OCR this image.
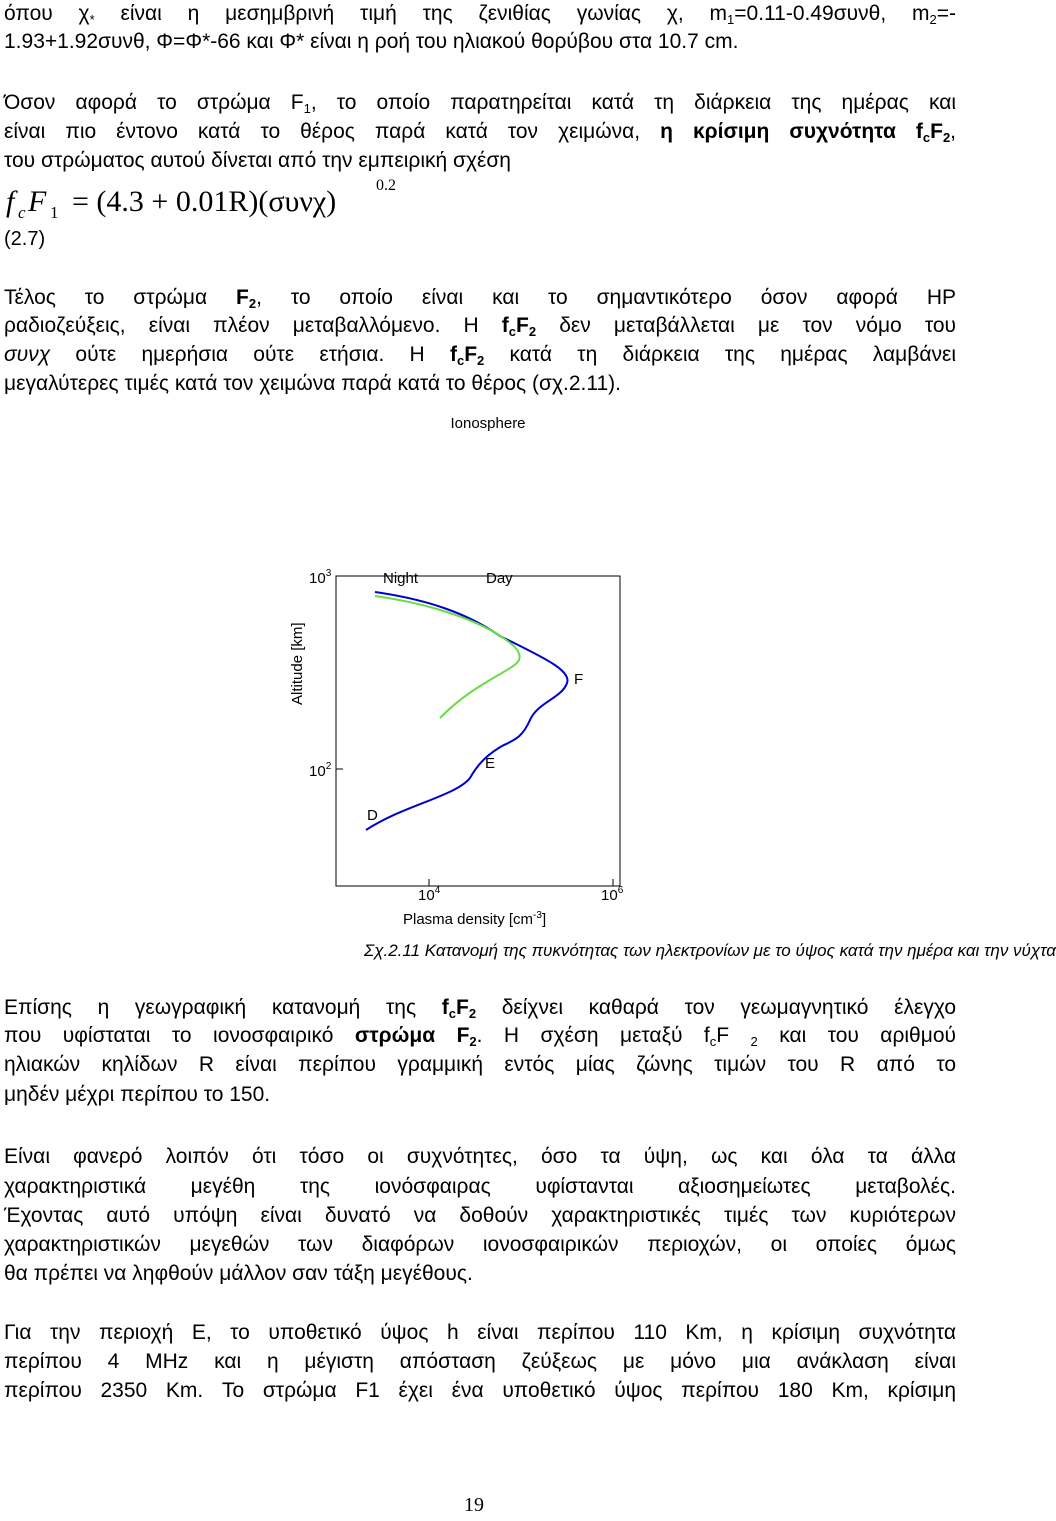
όπου $\chi_*$ είναι η μεσημβρινή τιμή της ζενιθίας γωνίας χ, $m_1=0.11-0.49\sigma\upsilon\nu\theta$, $m_2=-$
1.93+1.92συνθ, Φ=Φ*-66 και Φ* είναι η ροή του ηλιακού θορύβου στα 10.7 cm.
Όσον αφορά το στρώμα $F_1$, το οποίο παρατηρείται κατά τη διάρκεια της ημέρας και
είναι πιο έντονο κατά το θέρος παρά κατά τον χειμώνα, η κρίσιμη συχνότητα $f_cF_2$,
του στρώματος αυτού δίνεται από την εμπειρική σχέση
f c F 1 = (4.3 + 0.01R)(συνχ) 0.2
(2.7)
Τέλος το στρώμα $F_2$, το οποίο είναι και το σημαντικότερο όσον αφορά HP
ραδιοζεύξεις, είναι πλέον μεταβαλλόμενο. Η $f_cF_2$ δεν μεταβάλλεται με τον νόμο του
συνχ ούτε ημερήσια ούτε ετήσια. Η $f_cF_2$ κατά τη διάρκεια της ημέρας λαμβάνει
μεγαλύτερες τιμές κατά τον χειμώνα παρά κατά το θέρος (σχ.2.11).
Ionosphere
$10^3$
$10^2$
$10^4$	$10^6$
Plasma density $[cm^{-3}]$
Altitude [km]
Night	Day
F
E
D
Σχ.2.11 Κατανομή της πυκνότητας των ηλεκτρονίων με το ύψος κατά την ημέρα και την νύχτα
Επίσης η γεωγραφική κατανομή της $f_cF_2$ δείχνει καθαρά τον γεωμαγνητικό έλεγχο
που υφίσταται το ιονοσφαιρικό στρώμα $F_2$. Η σχέση μεταξύ $f_cF$ $_2$ και του αριθμού
ηλιακών κηλίδων R είναι περίπου γραμμική εντός μίας ζώνης τιμών του R από το
μηδέν μέχρι περίπου το 150.
Είναι φανερό λοιπόν ότι τόσο οι συχνότητες, όσο τα ύψη, ως και όλα τα άλλα
χαρακτηριστικά μεγέθη της ιονόσφαιρας υφίστανται αξιοσημείωτες μεταβολές.
Έχοντας αυτό υπόψη είναι δυνατό να δοθούν χαρακτηριστικές τιμές των κυριότερων
χαρακτηριστικών μεγεθών των διαφόρων ιονοσφαιρικών περιοχών, οι οποίες όμως
θα πρέπει να ληφθούν μάλλον σαν τάξη μεγέθους.
Για την περιοχή Ε, το υποθετικό ύψος h είναι περίπου 110 Km, η κρίσιμη συχνότητα
περίπου 4 MHz και η μέγιστη απόσταση ζεύξεως με μόνο μια ανάκλαση είναι
περίπου 2350 Km. Το στρώμα F1 έχει ένα υποθετικό ύψος περίπου 180 Km, κρίσιμη
19
